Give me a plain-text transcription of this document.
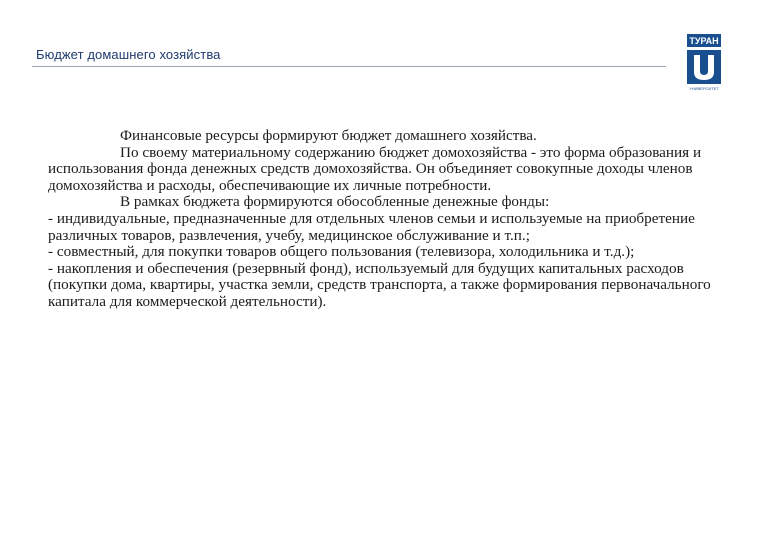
Бюджет домашнего хозяйства
ТУРАН
УНИВЕРСИТЕТ

Финансовые ресурсы формируют бюджет домашнего хозяйства.

По своему материальному содержанию бюджет домохозяйства - это форма образования и использования фонда денежных средств домохозяйства. Он объединяет совокупные доходы членов домохозяйства и расходы, обеспечивающие их личные потребности.

В рамках бюджета формируются обособленные денежные фонды:

- индивидуальные, предназначенные для отдельных членов семьи и используемые на приобретение различных товаров, развлечения, учебу, медицинское обслуживание и т.п.;

- совместный, для покупки товаров общего пользования (телевизора, холодильника и т.д.);

- накопления и обеспечения (резервный фонд), используемый для будущих капитальных расходов (покупки дома, квартиры, участка земли, средств транспорта, а также формирования первоначального капитала для коммерческой деятельности).
